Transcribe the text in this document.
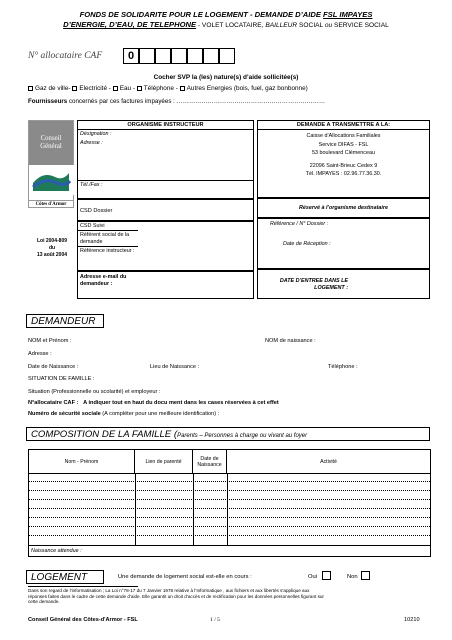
FONDS DE SOLIDARITE POUR LE LOGEMENT - DEMANDE D’AIDE FSL IMPAYES
D’ENERGIE, D’EAU, DE TELEPHONE - VOLET LOCATAIRE, BAILLEUR SOCIAL ou SERVICE SOCIAL
N° allocataire CAF	0
Cocher SVP la (les) nature(s) d’aide sollicitée(s)
Gaz de ville- Electricité - Eau - Téléphone - Autres Energies (bois, fuel, gaz bonbonne)
Fournisseurs concernés par ces factures impayées : ………………………………………………………………
Conseil
Général
Côtes d'Armor
Loi 2004-809
du
13 août 2004
ORGANISME INSTRUCTEUR
Désignation :
Adresse :
Tél./Fax :
CSD Dossier
CSD Suivi
Référent social de la demande
Référence instructeur :
Adresse e-mail du demandeur :
DEMANDE A TRANSMETTRE A LA:
Caisse d’Allocations Familiales
Service DIFAS - FSL
53 boulevard Clémenceau
22096 Saint-Brieuc Cedex 9
Tél. IMPAYES : 02.96.77.36.30.
Réservé à l’organisme destinataire
Référence / N° Dossier :
Date de Réception :
DATE D’ENTREE DANS LE LOGEMENT :
DEMANDEUR
NOM et Prénom :	NOM de naissance :
Adresse :
Date de Naissance :	Lieu de Naissance :	Téléphone :
SITUATION DE FAMILLE :
Situation (Professionnelle ou scolarité) et employeur :
N°allocataire CAF : A indiquer tout en haut du docu ment dans les cases réservées à cet effet
Numéro de sécurité sociale (A compléter pour une meilleure identification) :
COMPOSITION DE LA FAMILLE (Parents – Personnes à charge ou vivant au foyer
Nom - Prénom	Lien de parenté	Date de Naissance	Activité
Naissance attendue :
LOGEMENT	Une demande de logement social est-elle en cours :	Oui	Non
Dans son regard de l’informatisation ; La Loi n°78-17 du 7 Janvier 1978 relative à l’Informatique , aux fichiers et aux libertés s’applique aux
réponses faites dans le cadre de cette demande d’aide. Elle garantit un droit d’accès et de rectification pour les données personnelles figurant sur
cette demande.
Conseil Général des Côtes-d'Armor - FSL	1 / 5	10210
